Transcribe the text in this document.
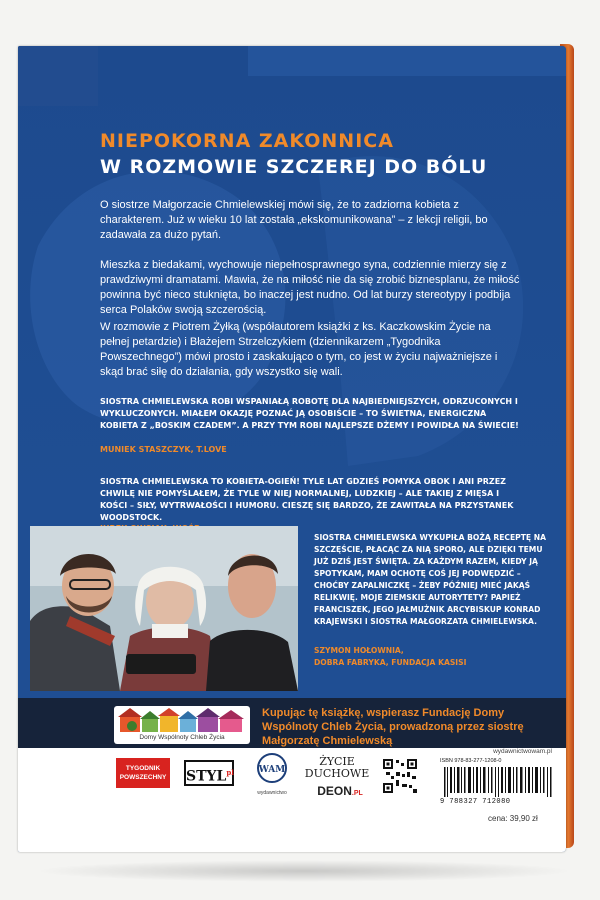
NIEPOKORNA ZAKONNICA
W ROZMOWIE SZCZEREJ DO BÓLU

O siostrze Małgorzacie Chmielewskiej mówi się, że to zadziorna kobieta z charakterem. Już w wieku 10 lat została „ekskomunikowana” – z lekcji religii, bo zadawała za dużo pytań.

Mieszka z biedakami, wychowuje niepełnosprawnego syna, codziennie mierzy się z prawdziwymi dramatami. Mawia, że na miłość nie da się zrobić biznesplanu, że miłość powinna być nieco stuknięta, bo inaczej jest nudno. Od lat burzy stereotypy i podbija serca Polaków swoją szczerością.

W rozmowie z Piotrem Żyłką (współautorem książki z ks. Kaczkowskim Życie na pełnej petardzie) i Błażejem Strzelczykiem (dziennikarzem „Tygodnika Powszechnego”) mówi prosto i zaskakująco o tym, co jest w życiu najważniejsze i skąd brać siłę do działania, gdy wszystko się wali.

SIOSTRA CHMIELEWSKA ROBI WSPANIAŁĄ ROBOTĘ DLA NAJBIEDNIEJSZYCH, ODRZUCONYCH I WYKLUCZONYCH. MIAŁEM OKAZJĘ POZNAĆ JĄ OSOBIŚCIE – TO ŚWIETNA, ENERGICZNA KOBIETA Z „BOSKIM CZADEM”. A PRZY TYM ROBI NAJLEPSZE DŻEMY I POWIDŁA NA ŚWIECIE!

MUNIEK STASZCZYK, T.LOVE

SIOSTRA CHMIELEWSKA TO KOBIETA-OGIEŃ! TYLE LAT GDZIEŚ POMYKA OBOK I ANI PRZEZ CHWILĘ NIE POMYŚLAŁEM, ŻE TYLE W NIEJ NORMALNEJ, LUDZKIEJ – ALE TAKIEJ Z MIĘSA I KOŚCI – SIŁY, WYTRWAŁOŚCI I HUMORU. CIESZĘ SIĘ BARDZO, ŻE ZAWITAŁA NA PRZYSTANEK WOODSTOCK.

SIOSTRA CHMIELEWSKA WYKUPIŁA BOŻĄ RECEPTĘ NA SZCZĘŚCIE, PŁACĄC ZA NIĄ SPORO, ALE DZIĘKI TEMU JUŻ DZIŚ JEST ŚWIĘTA. ZA KAŻDYM RAZEM, KIEDY JĄ SPOTYKAM, MAM OCHOTĘ COŚ JEJ PODWĘDZIĆ – CHOĆBY ZAPALNICZKĘ – ŻEBY PÓŹNIEJ MIEĆ JAKĄŚ RELIKWIĘ. MOJE ZIEMSKIE AUTORYTETY? PAPIEŻ FRANCISZEK, JEGO JAŁMUŻNIK ARCYBISKUP KONRAD KRAJEWSKI I SIOSTRA MAŁGORZATA CHMIELEWSKA.

SZYMON HOŁOWNIA,

DOBRA FABRYKA, FUNDACJA KASISI

Domy Wspólnoty Chleb Życia

Kupując tę książkę, wspierasz Fundację Domy Wspólnoty Chleb Życia, prowadzoną przez siostrę Małgorzatę Chmielewską

TYGODNIK POWSZECHNY $STYL^{pl}$	WAM
wydawnictwo
ŻYCIE DUCHOWE
DEON.PL
wydawnictwowam.pl
ISBN 978-83-277-1208-0
9 788327 712080
cena: 39,90 zł
